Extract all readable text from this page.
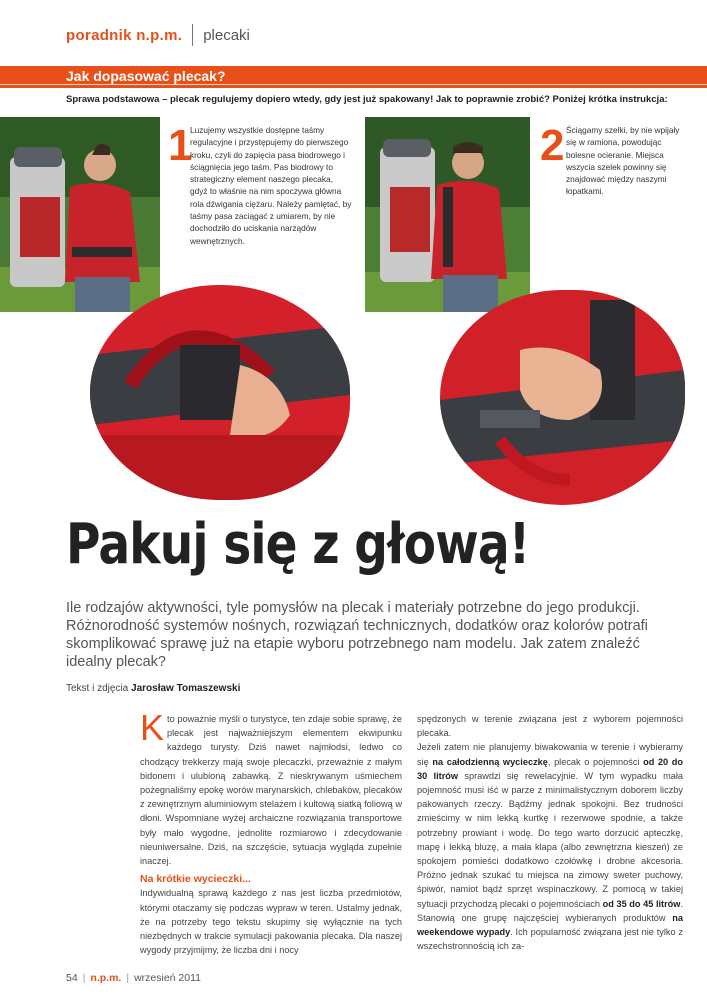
poradnik n.p.m. plecaki
Jak dopasować plecak?
Sprawa podstawowa – plecak regulujemy dopiero wtedy, gdy jest już spakowany! Jak to poprawnie zrobić? Poniżej krótka instrukcja:
1
Luzujemy wszystkie dostępne taśmy regulacyjne i przystępujemy do pierwszego kroku, czyli do zapięcia pasa biodrowego i ściągnięcia jego taśm. Pas biodrowy to strategiczny element naszego plecaka, gdyż to właśnie na nim spoczywa główna rola dźwigania ciężaru. Należy pamiętać, by taśmy pasa zaciągać z umiarem, by nie dochodziło do uciskania narządów wewnętrznych.
2 Ściągamy szelki, by nie wpijały się w ramiona, powodując bolesne ocieranie. Miejsca wszycia szelek powinny się znajdować między naszymi łopatkami.
Pakuj się z głową!
Ile rodzajów aktywności, tyle pomysłów na plecak i materiały potrzebne do jego produkcji. Różnorodność systemów nośnych, rozwiązań technicznych, dodatków oraz kolorów potrafi skomplikować sprawę już na etapie wyboru potrzebnego nam modelu. Jak zatem znaleźć idealny plecak?
Tekst i zdjęcia Jarosław Tomaszewski

Kto poważnie myśli o turystyce, ten zdaje sobie sprawę, że plecak jest najważniejszym elementem ekwipunku każdego turysty. Dziś nawet najmłodsi, ledwo co chodzący trekkerzy mają swoje plecaczki, przeważnie z małym bidonem i ulubioną zabawką. Z nieskrywanym uśmiechem pożegnaliśmy epokę worów marynarskich, chlebaków, plecaków z zewnętrznym aluminiowym stelażem i kultową siatką foliową w dłoni. Wspomniane wyżej archaiczne rozwiązania transportowe były mało wygodne, jednolite rozmiarowo i zdecydowanie nieuniwersalne. Dziś, na szczęście, sytuacja wygląda zupełnie inaczej.

Na krótkie wycieczki...

Indywidualną sprawą każdego z nas jest liczba przedmiotów, którymi otaczamy się podczas wypraw w teren. Ustalmy jednak, że na potrzeby tego tekstu skupimy się wyłącznie na tych niezbędnych w trakcie symulacji pakowania plecaka. Dla naszej wygody przyjmijmy, że liczba dni i nocy

spędzonych w terenie związana jest z wyborem pojemności plecaka.

Jeżeli zatem nie planujemy biwakowania w terenie i wybieramy się na całodzienną wycieczkę, plecak o pojemności od 20 do 30 litrów sprawdzi się rewelacyjnie. W tym wypadku mała pojemność musi iść w parze z minimalistycznym doborem liczby pakowanych rzeczy. Bądźmy jednak spokojni. Bez trudności zmieścimy w nim lekką kurtkę i rezerwowe spodnie, a także potrzebny prowiant i wodę. Do tego warto dorzucić apteczkę, mapę i lekką bluzę, a mała klapa (albo zewnętrzna kieszeń) ze spokojem pomieści dodatkowo czołówkę i drobne akcesoria. Próżno jednak szukać tu miejsca na zimowy sweter puchowy, śpiwór, namiot bądź sprzęt wspinaczkowy. Z pomocą w takiej sytuacji przychodzą plecaki o pojemnościach od 35 do 45 litrów. Stanowią one grupę najczęściej wybieranych produktów na weekendowe wypady. Ich popularność związana jest nie tylko z wszechstronnością ich za-

54 | n.p.m. | wrzesień 2011
